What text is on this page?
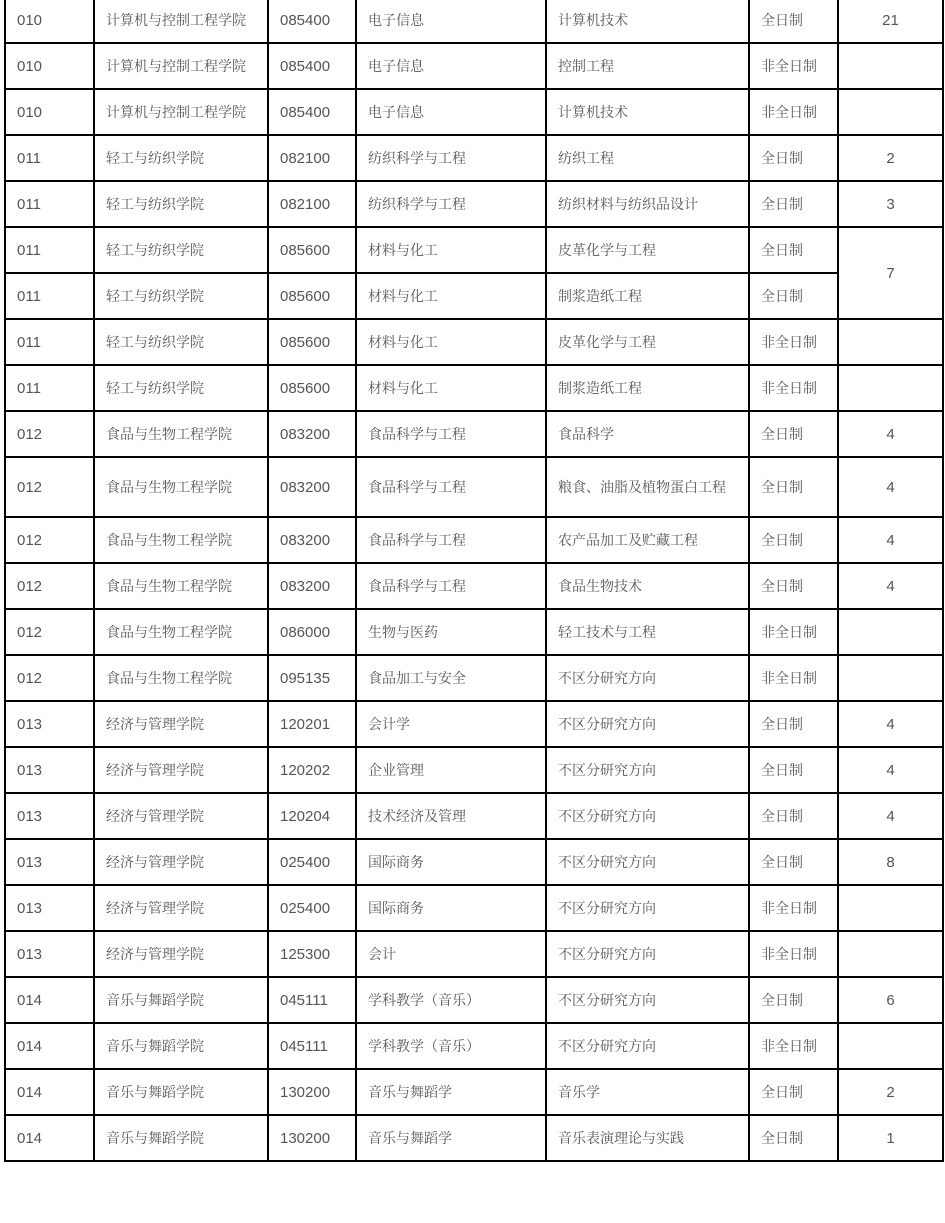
010	计算机与控制工程学院	085400	电子信息	计算机技术	全日制	21
010	计算机与控制工程学院	085400	电子信息	控制工程	非全日制	
010	计算机与控制工程学院	085400	电子信息	计算机技术	非全日制	
011	轻工与纺织学院	082100	纺织科学与工程	纺织工程	全日制	2
011	轻工与纺织学院	082100	纺织科学与工程	纺织材料与纺织品设计	全日制	3
011	轻工与纺织学院	085600	材料与化工	皮革化学与工程	全日制	7
011	轻工与纺织学院	085600	材料与化工	制浆造纸工程	全日制	
011	轻工与纺织学院	085600	材料与化工	皮革化学与工程	非全日制	
011	轻工与纺织学院	085600	材料与化工	制浆造纸工程	非全日制	
012	食品与生物工程学院	083200	食品科学与工程	食品科学	全日制	4
012	食品与生物工程学院	083200	食品科学与工程	粮食、油脂及植物蛋白工程	全日制	4
012	食品与生物工程学院	083200	食品科学与工程	农产品加工及贮藏工程	全日制	4
012	食品与生物工程学院	083200	食品科学与工程	食品生物技术	全日制	4
012	食品与生物工程学院	086000	生物与医药	轻工技术与工程	非全日制	
012	食品与生物工程学院	095135	食品加工与安全	不区分研究方向	非全日制	
013	经济与管理学院	120201	会计学	不区分研究方向	全日制	4
013	经济与管理学院	120202	企业管理	不区分研究方向	全日制	4
013	经济与管理学院	120204	技术经济及管理	不区分研究方向	全日制	4
013	经济与管理学院	025400	国际商务	不区分研究方向	全日制	8
013	经济与管理学院	025400	国际商务	不区分研究方向	非全日制	
013	经济与管理学院	125300	会计	不区分研究方向	非全日制	
014	音乐与舞蹈学院	045111	学科教学（音乐）	不区分研究方向	全日制	6
014	音乐与舞蹈学院	045111	学科教学（音乐）	不区分研究方向	非全日制	
014	音乐与舞蹈学院	130200	音乐与舞蹈学	音乐学	全日制	2
014	音乐与舞蹈学院	130200	音乐与舞蹈学	音乐表演理论与实践	全日制	1
